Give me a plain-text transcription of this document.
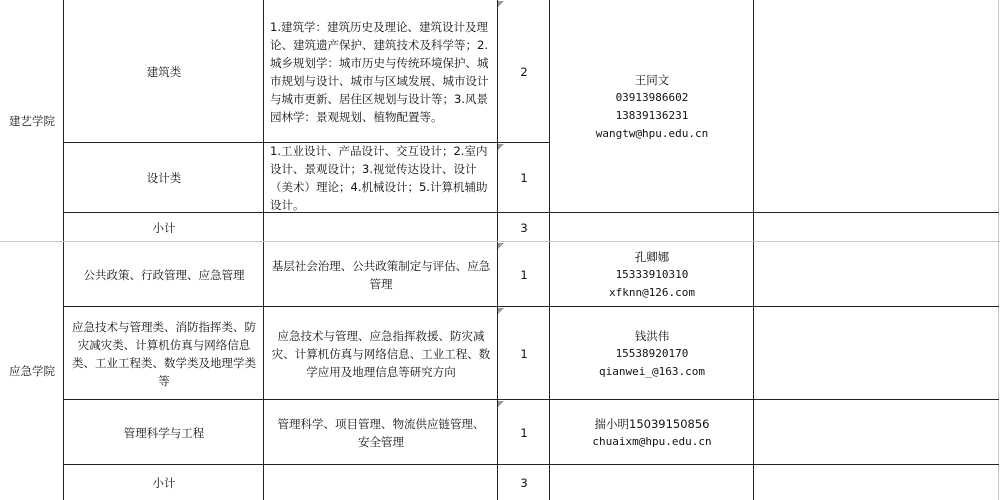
建艺学院
建筑类
1.建筑学：建筑历史及理论、建筑设计及理论、建筑遗产保护、建筑技术及科学等；2.城乡规划学：城市历史与传统环境保护、城市规划与设计、城市与区域发展、城市设计与城市更新、居住区规划与设计等；3.风景园林学：景观规划、植物配置等。
2
设计类
1.工业设计、产品设计、交互设计；2.室内设计、景观设计；3.视觉传达设计、设计（美术）理论；4.机械设计；5.计算机辅助设计。
1
王同文
03913986602
13839136231
wangtw@hpu.edu.cn
小计	3
应急学院
公共政策、行政管理、应急管理
基层社会治理、公共政策制定与评估、应急管理
1
孔卿娜
15333910310
xfknn@126.com
应急技术与管理类、消防指挥类、防灾减灾类、计算机仿真与网络信息类、工业工程类、数学类及地理学类等
应急技术与管理、应急指挥救援、防灾减灾、计算机仿真与网络信息、工业工程、数学应用及地理信息等研究方向
1
钱洪伟
15538920170
qianwei_@163.com
管理科学与工程
管理科学、项目管理、物流供应链管理、安全管理
1
揣小明15039150856
chuaixm@hpu.edu.cn
小计	3
